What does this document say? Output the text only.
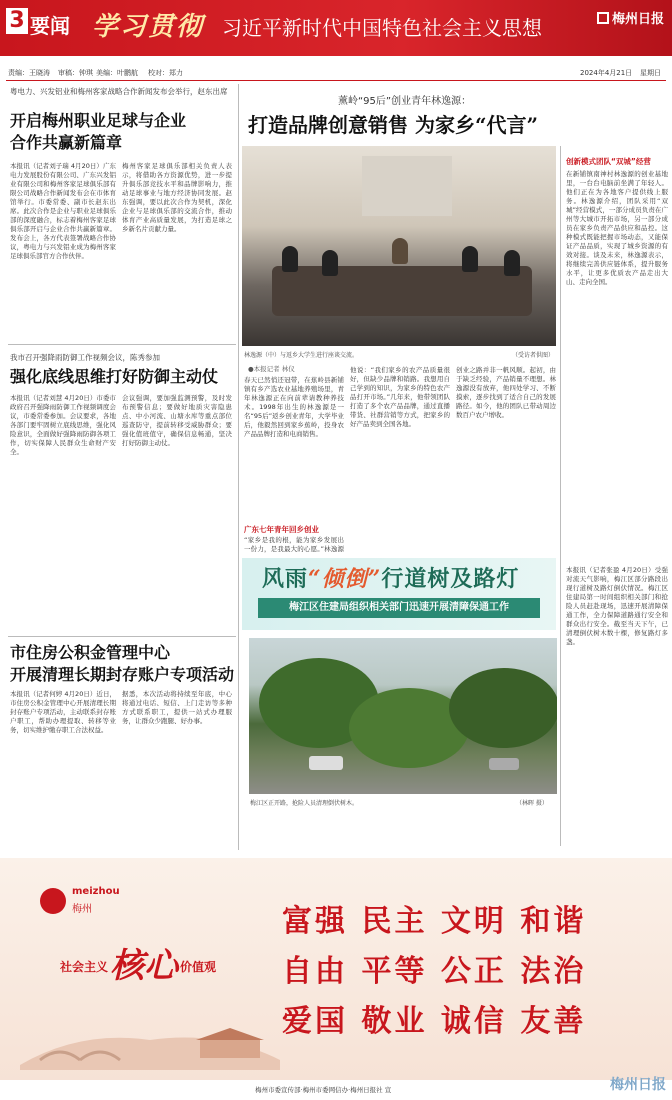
3 要闻 学习贯彻 习近平新时代中国特色社会主义思想	梅州日报
责编：王晓涛 审稿：钟琪 美编：叶鹏航 校对：郑力	2024年4月21日 星期日
粤电力、兴发铝业和梅州客家战略合作新闻发布会举行，赵东出席
开启梅州职业足球与企业
合作共赢新篇章
本报讯（记者刘子瑞 4月20日）广东电力发展股份有限公司、广东兴发铝业有限公司和梅州客家足球俱乐部有限公司战略合作新闻发布会在市体育馆举行。市委常委、副市长赵东出席。此次合作是企业与职业足球俱乐部的深度融合，标志着梅州客家足球俱乐部开启与企业合作共赢新篇章。发布会上，各方代表签署战略合作协议，粤电力与兴发铝业成为梅州客家足球俱乐部官方合作伙伴。
梅州客家足球俱乐部相关负责人表示，将借助各方资源优势，进一步提升俱乐部竞技水平和品牌影响力，推动足球事业与地方经济协同发展。赵东强调，要以此次合作为契机，深化企业与足球俱乐部的交流合作，推动体育产业高质量发展，为打造足球之乡新名片贡献力量。
我市召开强降雨防御工作视频会议，陈秀参加
强化底线思维打好防御主动仗
本报讯（记者刘慧 4月20日）市委市政府召开强降雨防御工作视频调度会议，市委常委参加。会议要求，各地各部门要牢固树立底线思维，强化风险意识，全面做好强降雨防御各项工作，切实保障人民群众生命财产安全。
会议强调，要加强监测预警，及时发布预警信息；要做好地质灾害隐患点、中小河流、山塘水库等重点部位巡查防守，提前转移受威胁群众；要强化值班值守，确保信息畅通，坚决打好防御主动仗。
市住房公积金管理中心
开展清理长期封存账户专项活动
本报讯（记者何婷 4月20日）近日，市住房公积金管理中心开展清理长期封存账户专项活动，主动联系封存账户职工，帮助办理提取、转移等业务，切实维护缴存职工合法权益。
据悉，本次活动将持续至年底，中心将通过电话、短信、上门走访等多种方式联系职工，提供一站式办理服务，让群众少跑腿、好办事。
薰岭“95后”创业青年林逸源：
打造品牌创意销售 为家乡“代言”
林逸源（中）与返乡大学生进行座谈交流。	（受访者供图）
●本报记者 林仪
春天已然悄还冠带，在蕉岭县新铺镇有乡产选农业基地养殖场里，青年林逸源正在向前辈请教种养技术。1998年出生的林逸源是一名“95后”返乡创业青年，大学毕业后，他毅然回到家乡蕉岭，投身农产品品牌打造和电商销售。
他说：“我们家乡的农产品质量很好，但缺少品牌和销路。我想用自己学到的知识，为家乡的特色农产品打开市场。”几年来，他带领团队打造了多个农产品品牌，通过直播带货、社群营销等方式，把家乡的好产品卖到全国各地。
创业之路并非一帆风顺。起初，由于缺乏经验，产品销量不理想。林逸源没有放弃，他四处学习、不断摸索，逐步找到了适合自己的发展路径。如今，他的团队已带动周边数百户农户增收。
广东七年青年回乡创业
“家乡是我的根，能为家乡发展出一份力，是我最大的心愿。”林逸源
创新模式团队“双城”经营
在新铺镇南神村林逸源的创业基地里，一台台电脑前坐满了年轻人。他们正在为各地客户提供线上服务。林逸源介绍，团队采用“双城”经营模式，一部分成员负责在广州等大城市开拓市场，另一部分成员在家乡负责产品供应和品控。这种模式既能把握市场动态，又能保证产品品质，实现了城乡资源的有效对接。谈及未来，林逸源表示，将继续完善供应链体系，提升服务水平，让更多优质农产品走出大山、走向全国。
风雨“倾倒”行道树及路灯
梅江区住建局组织相关部门迅速开展清障保通工作
梅江区正开路，抢险人员清理倒伏树木。	（林晖 摄）
本报讯（记者张盈 4月20日）受强对流天气影响，梅江区部分路段出现行道树及路灯倒伏情况。梅江区住建局第一时间组织相关部门和抢险人员赶赴现场，迅速开展清障保通工作，全力保障道路通行安全和群众出行安全。截至当天下午，已清理倒伏树木数十棵，修复路灯多盏。
meizhou
梅州
社会主义核心 价值观
富强 民主 文明 和谐
自由 平等 公正 法治
爱国 敬业 诚信 友善
梅州市委宣传部·梅州市委网信办·梅州日报社 宣	梅州日报
